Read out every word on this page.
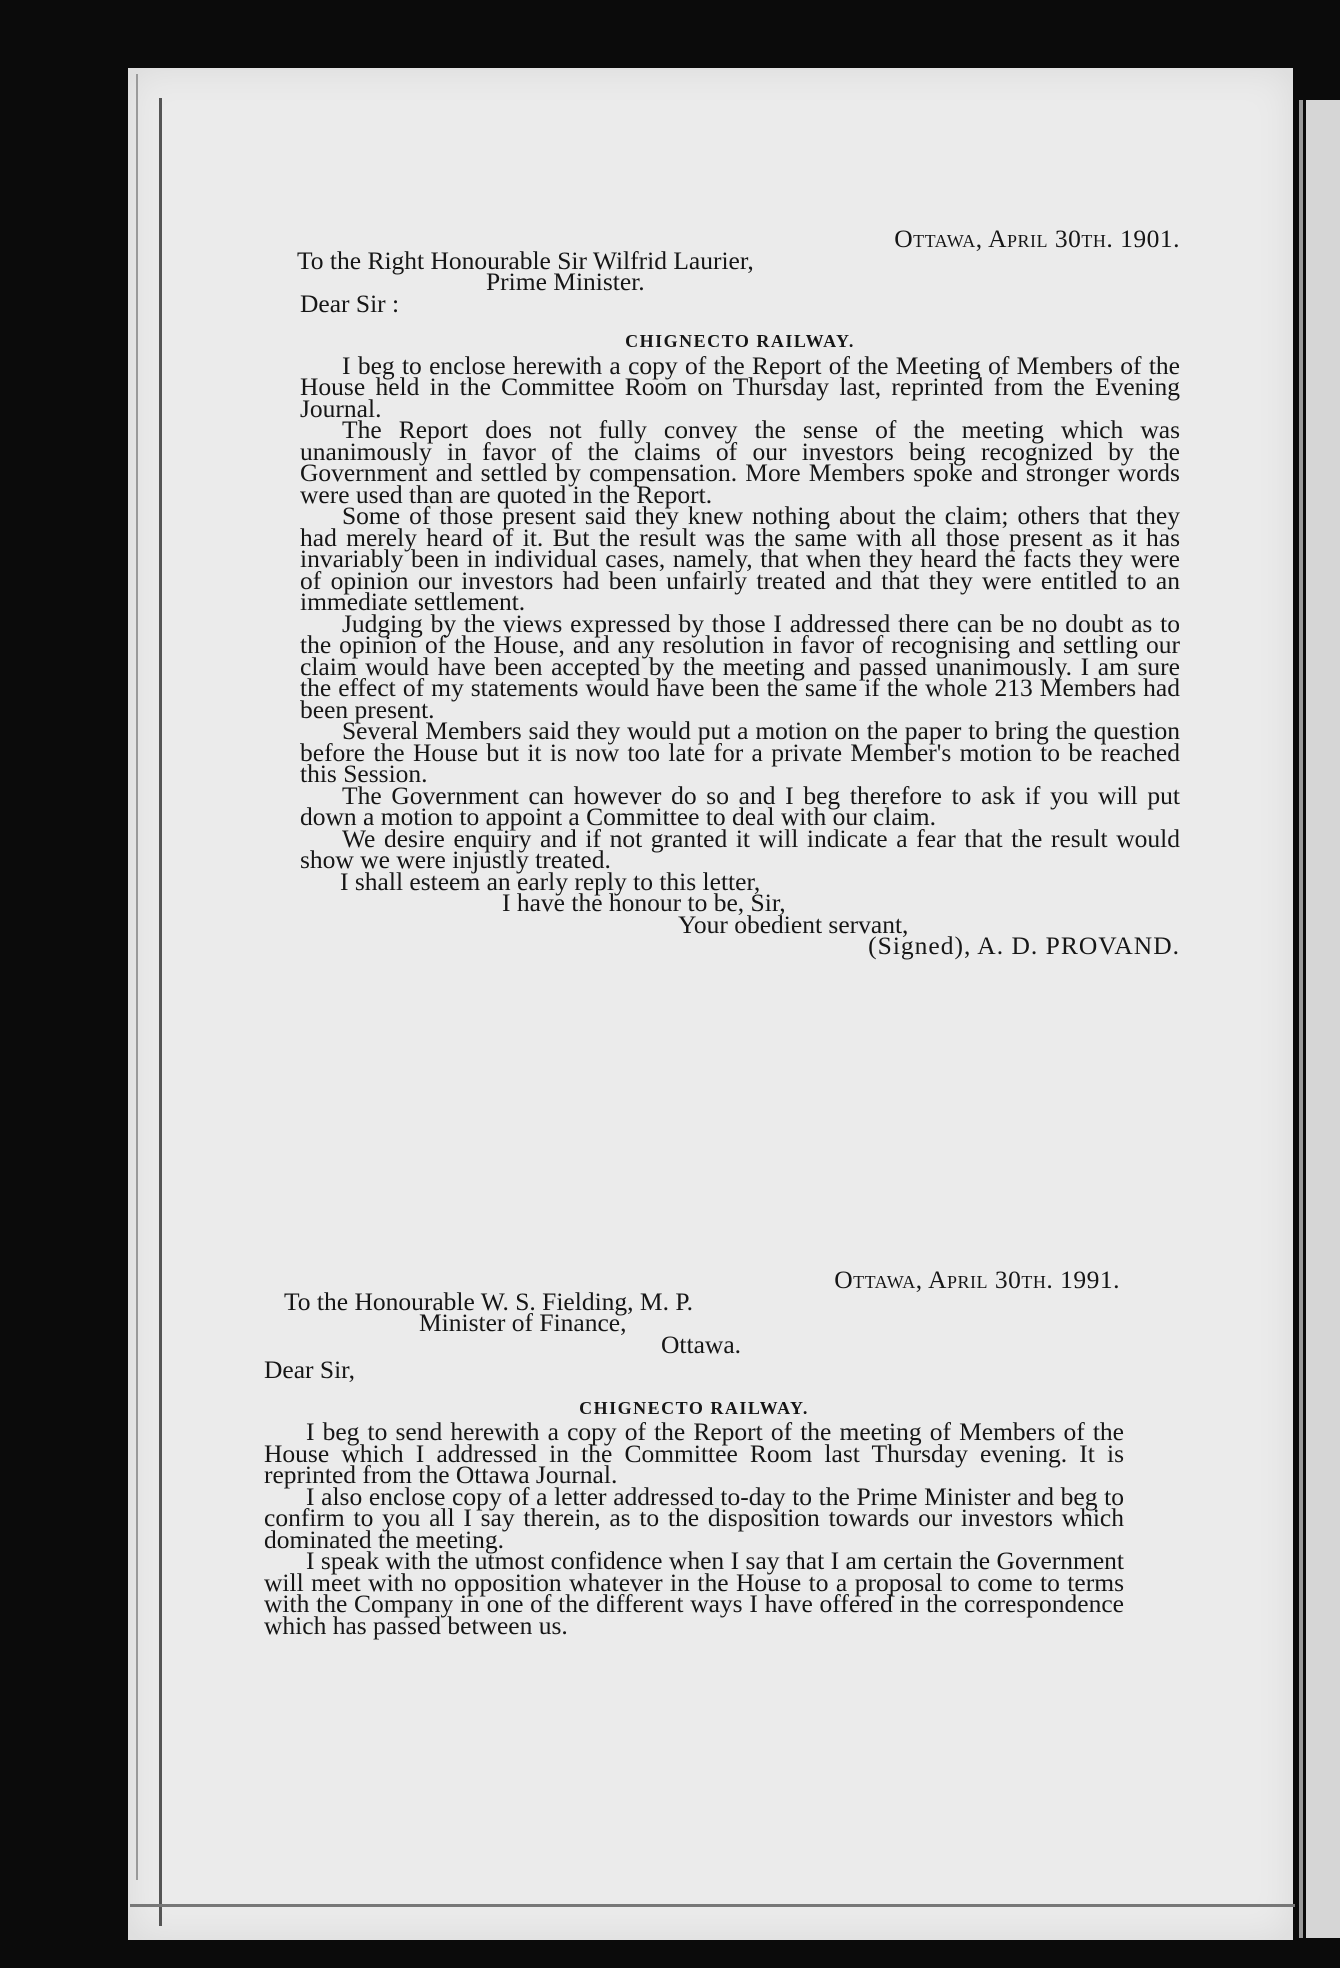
Ottawa, April 30th. 1901.
To the Right Honourable Sir Wilfrid Laurier,
Prime Minister.
Dear Sir :
CHIGNECTO RAILWAY.

I beg to enclose herewith a copy of the Report of the Meeting of Members of the House held in the Committee Room on Thursday last, reprinted from the Evening Journal.

The Report does not fully convey the sense of the meeting which was unanimously in favor of the claims of our investors being recognized by the Government and settled by compensation. More Members spoke and stronger words were used than are quoted in the Report.

Some of those present said they knew nothing about the claim; others that they had merely heard of it. But the result was the same with all those present as it has invariably been in individual cases, namely, that when they heard the facts they were of opinion our investors had been unfairly treated and that they were entitled to an immediate settlement.

Judging by the views expressed by those I addressed there can be no doubt as to the opinion of the House, and any resolution in favor of recognising and settling our claim would have been accepted by the meeting and passed unanimously. I am sure the effect of my statements would have been the same if the whole 213 Members had been present.

Several Members said they would put a motion on the paper to bring the question before the House but it is now too late for a private Member's motion to be reached this Session.

The Government can however do so and I beg therefore to ask if you will put down a motion to appoint a Committee to deal with our claim.

We desire enquiry and if not granted it will indicate a fear that the result would show we were injustly treated.

I shall esteem an early reply to this letter,
I have the honour to be, Sir,
Your obedient servant,
(Signed), A. D. PROVAND.
Ottawa, April 30th. 1991.
To the Honourable W. S. Fielding, M. P.
Minister of Finance,
Ottawa.
Dear Sir,
CHIGNECTO RAILWAY.

I beg to send herewith a copy of the Report of the meeting of Members of the House which I addressed in the Committee Room last Thursday evening. It is reprinted from the Ottawa Journal.

I also enclose copy of a letter addressed to-day to the Prime Minister and beg to confirm to you all I say therein, as to the disposition towards our investors which dominated the meeting.

I speak with the utmost confidence when I say that I am certain the Government will meet with no opposition whatever in the House to a proposal to come to terms with the Company in one of the different ways I have offered in the correspondence which has passed between us.
